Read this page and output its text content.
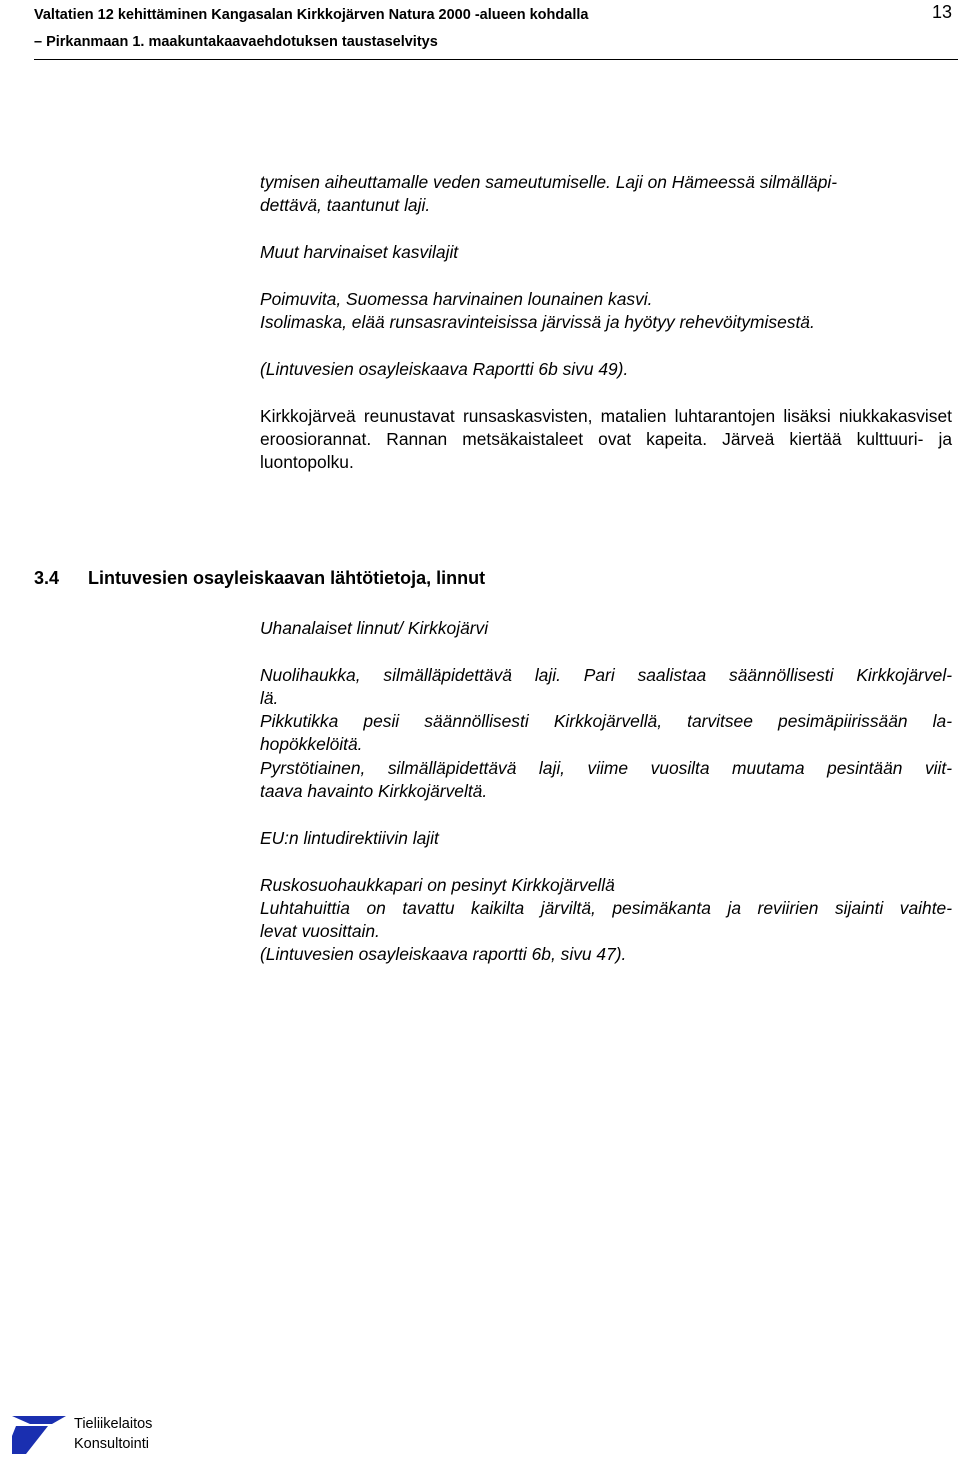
Valtatien 12 kehittäminen Kangasalan Kirkkojärven Natura 2000 -alueen kohdalla
– Pirkanmaan 1. maakuntakaavaehdotuksen taustaselvitys
13

tymisen aiheuttamalle veden sameutumiselle. Laji on Hämeessä silmälläpi-
dettävä, taantunut laji.

Muut harvinaiset kasvilajit
Poimuvita, Suomessa harvinainen lounainen kasvi.
Isolimaska, elää runsasravinteisissa järvissä ja hyötyy rehevöitymisestä.
(Lintuvesien osayleiskaava Raportti 6b sivu 49).
Kirkkojärveä reunustavat runsaskasvisten, matalien luhtarantojen lisäksi niukkakasviset eroosiorannat. Rannan metsäkaistaleet ovat kapeita. Järveä kiertää kulttuuri- ja luontopolku.
3.4 Lintuvesien osayleiskaavan lähtötietoja, linnut
Uhanalaiset linnut/ Kirkkojärvi

Nuolihaukka, silmälläpidettävä laji. Pari saalistaa säännöllisesti Kirkkojärvel-

lä.

Pikkutikka pesii säännöllisesti Kirkkojärvellä, tarvitsee pesimäpiirissään la-

hopökkelöitä.

Pyrstötiainen, silmälläpidettävä laji, viime vuosilta muutama pesintään viit-

taava havainto Kirkkojärveltä.

EU:n lintudirektiivin lajit
Ruskosuohaukkapari on pesinyt Kirkkojärvellä

Luhtahuittia on tavattu kaikilta järviltä, pesimäkanta ja reviirien sijainti vaihte-

levat vuosittain.

(Lintuvesien osayleiskaava raportti 6b, sivu 47).
Tieliikelaitos
Konsultointi
